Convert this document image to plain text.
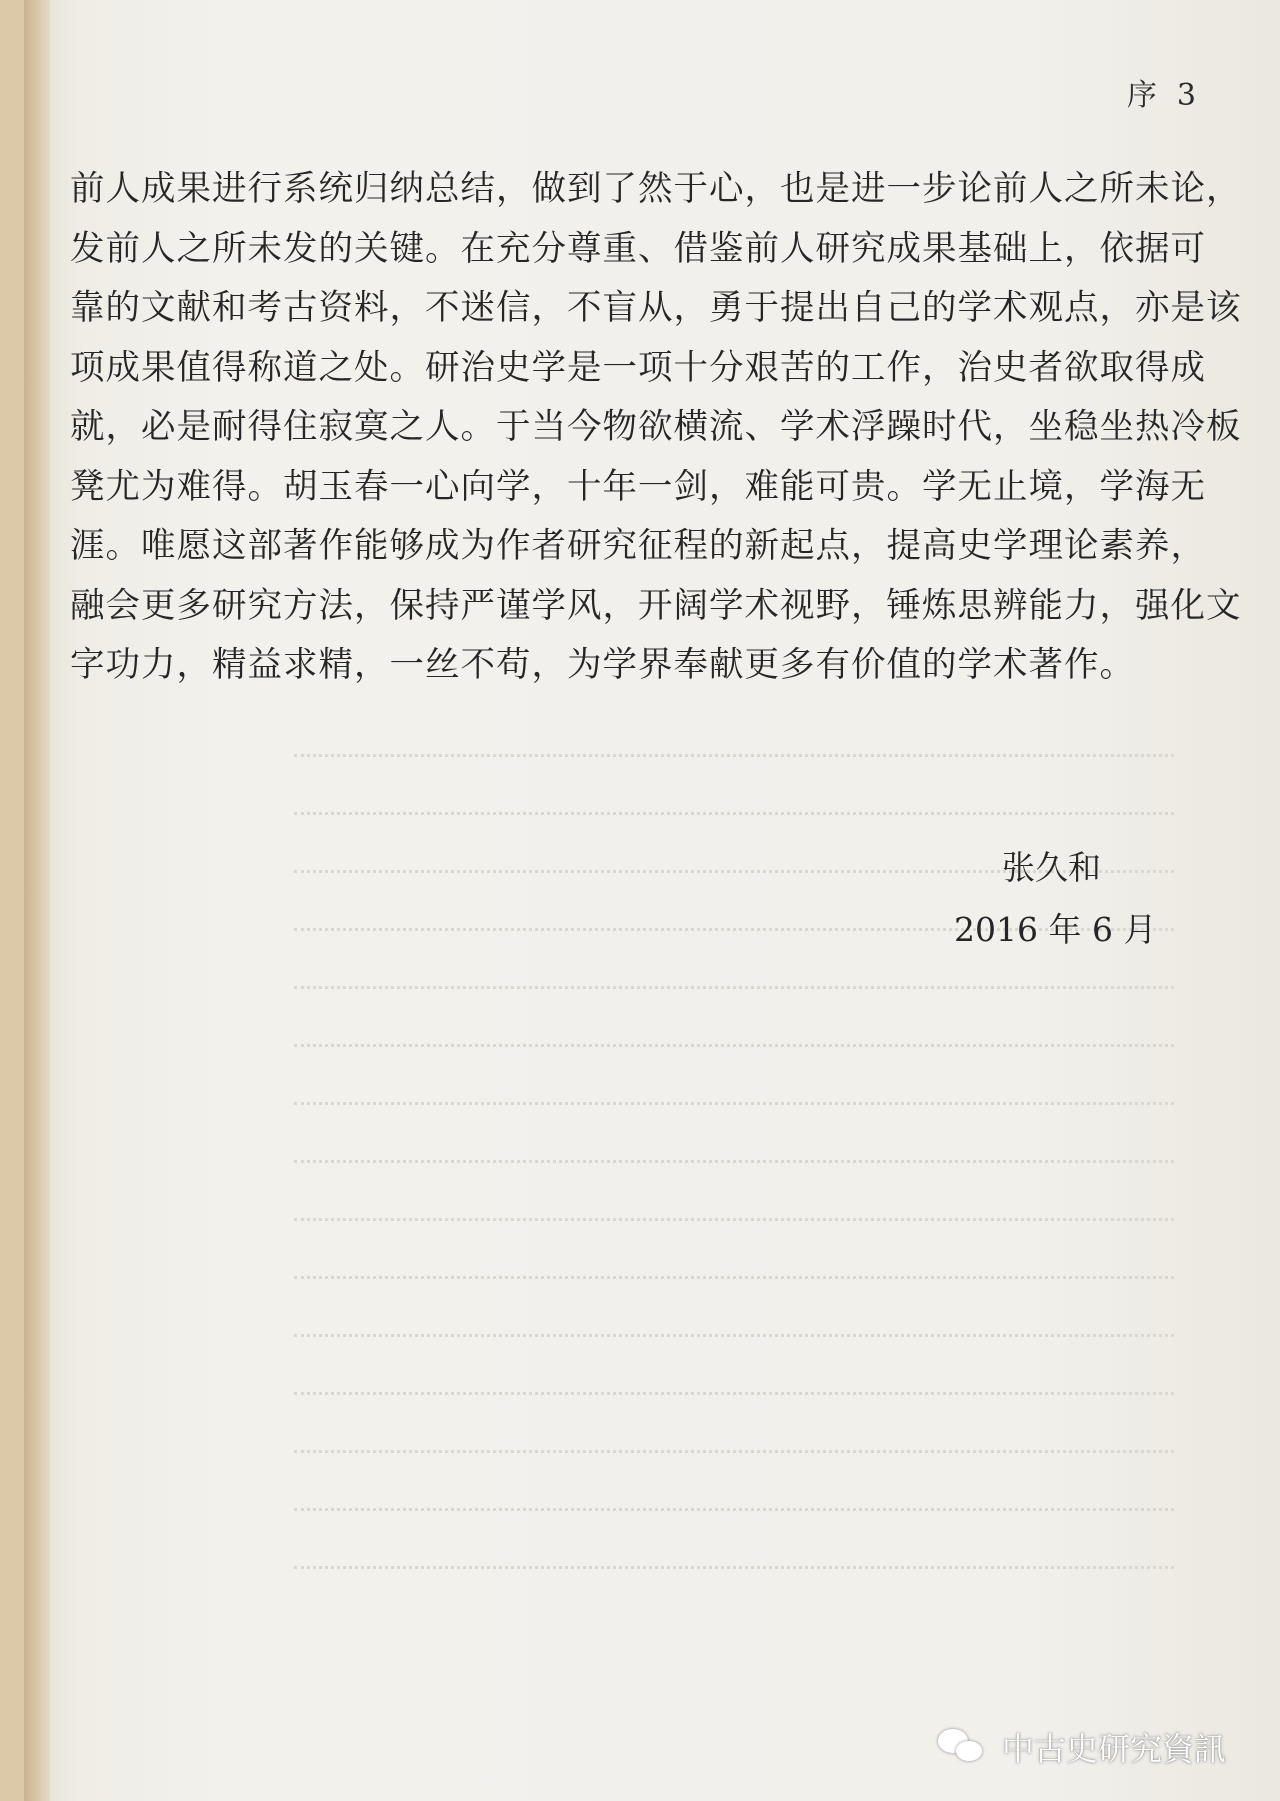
序 3
前人成果进行系统归纳总结，做到了然于心，也是进一步论前人之所未论，
发前人之所未发的关键。在充分尊重、借鉴前人研究成果基础上，依据可
靠的文献和考古资料，不迷信，不盲从，勇于提出自己的学术观点，亦是该
项成果值得称道之处。研治史学是一项十分艰苦的工作，治史者欲取得成
就，必是耐得住寂寞之人。于当今物欲横流、学术浮躁时代，坐稳坐热冷板
凳尤为难得。胡玉春一心向学，十年一剑，难能可贵。学无止境，学海无
涯。唯愿这部著作能够成为作者研究征程的新起点，提高史学理论素养，
融会更多研究方法，保持严谨学风，开阔学术视野，锤炼思辨能力，强化文
字功力，精益求精，一丝不苟，为学界奉献更多有价值的学术著作。
张久和
2016 年 6 月
中古史研究資訊
